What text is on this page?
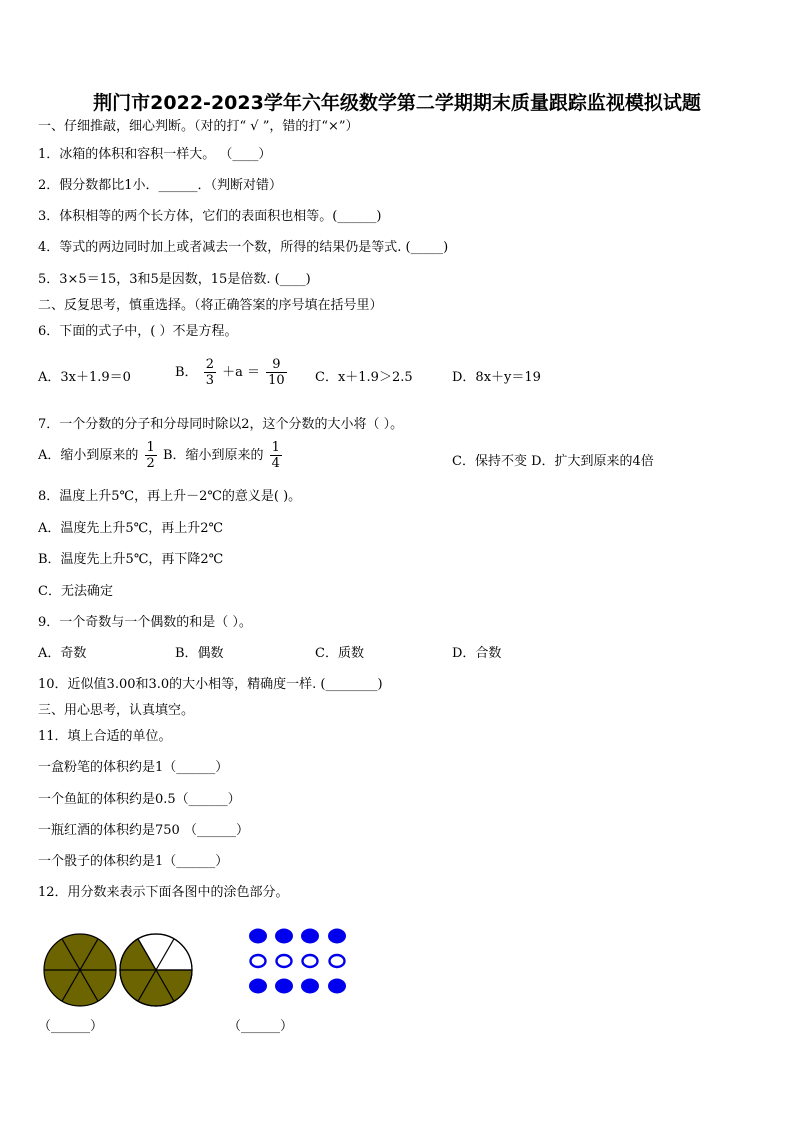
荆门市2022-2023学年六年级数学第二学期期末质量跟踪监视模拟试题
一、仔细推敲，细心判断。（对的打“ √ ”，错的打“×”）
1．冰箱的体积和容积一样大。 （____）
2．假分数都比1小．______．（判断对错）
3．体积相等的两个长方体，它们的表面积也相等。(______)
4．等式的两边同时加上或者减去一个数，所得的结果仍是等式. (_____)
5．3×5＝15，3和5是因数，15是倍数. (____)
二、反复思考，慎重选择。（将正确答案的序号填在括号里）
6．下面的式子中，( ）不是方程。
A．3x＋1.9＝0	B． $\frac{2}{3} +a = \frac{9}{10}$ C．x＋1.9＞2.5	D．8x＋y＝19
7．一个分数的分子和分母同时除以2，这个分数的大小将（ ）。
A．缩小到原来的 $\frac{1}{2}$ B．缩小到原来的 $\frac{1}{4}$	C．保持不变 D．扩大到原来的4倍
8．温度上升5℃，再上升－2℃的意义是( )。
A．温度先上升5℃，再上升2℃
B．温度先上升5℃，再下降2℃
C．无法确定
9．一个奇数与一个偶数的和是（ ）。
A．奇数	B．偶数	C．质数	D．合数
10．近似值3.00和3.0的大小相等，精确度一样. (________)
三、用心思考，认真填空。
11．填上合适的单位。
一盒粉笔的体积约是1（______）
一个鱼缸的体积约是0.5（______）
一瓶红酒的体积约是750 （______）
一个骰子的体积约是1（______）
12．用分数来表示下面各图中的涂色部分。
（______）	（______）
